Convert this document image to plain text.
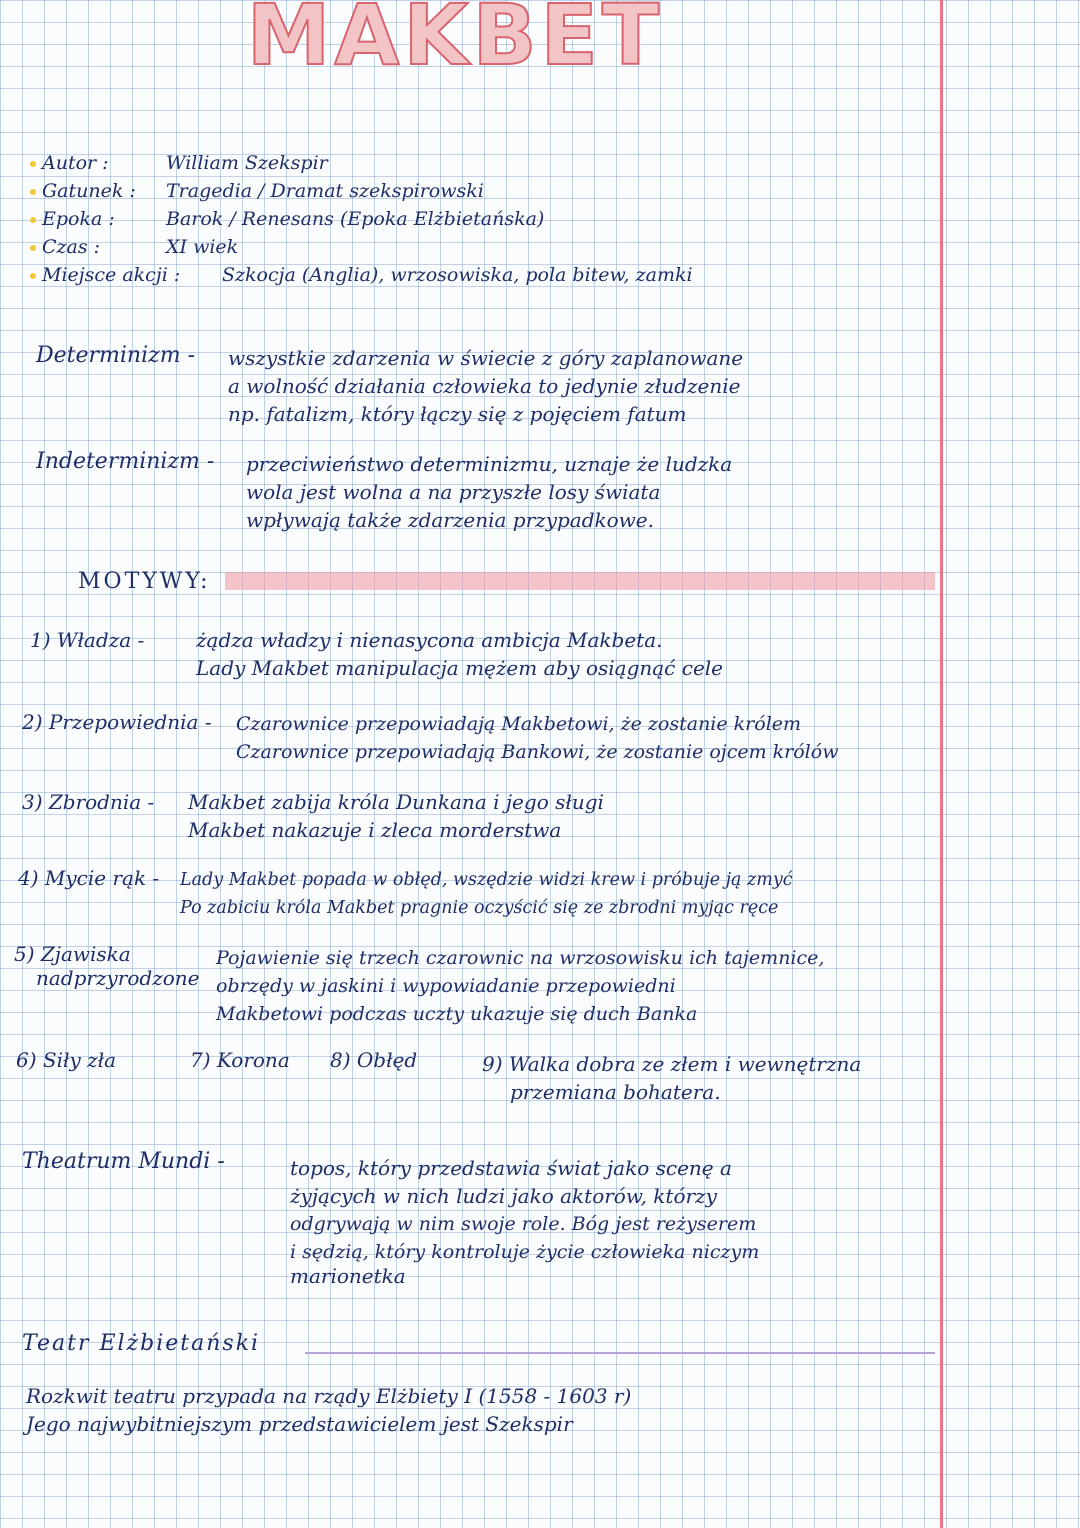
MAKBET
Autor :	William Szekspir
Gatunek : Tragedia / Dramat szekspirowski
Epoka :	Barok / Renesans (Epoka Elżbietańska)
Czas :	XI wiek
Miejsce akcji : Szkocja (Anglia), wrzosowiska, pola bitew, zamki
Determinizm - wszystkie zdarzenia w świecie z góry zaplanowane
a wolność działania człowieka to jedynie złudzenie
np. fatalizm, który łączy się z pojęciem fatum
Indeterminizm - przeciwieństwo determinizmu, uznaje że ludzka
wola jest wolna a na przyszłe losy świata
wpływają także zdarzenia przypadkowe.
MOTYWY:
1) Władza -	żądza władzy i nienasycona ambicja Makbeta.
Lady Makbet manipulacja mężem aby osiągnąć cele
2) Przepowiednia - Czarownice przepowiadają Makbetowi, że zostanie królem
Czarownice przepowiadają Bankowi, że zostanie ojcem królów
3) Zbrodnia - Makbet zabija króla Dunkana i jego sługi
Makbet nakazuje i zleca morderstwa
4) Mycie rąk - Lady Makbet popada w obłęd, wszędzie widzi krew i próbuje ją zmyć
Po zabiciu króla Makbet pragnie oczyścić się ze zbrodni myjąc ręce
5) Zjawiska
nadprzyrodzone
Pojawienie się trzech czarownic na wrzosowisku ich tajemnice,
obrzędy w jaskini i wypowiadanie przepowiedni
Makbetowi podczas uczty ukazuje się duch Banka
6) Siły zła	7) Korona 8) Obłęd	9) Walka dobra ze złem i wewnętrzna
przemiana bohatera.
Theatrum Mundi -	topos, który przedstawia świat jako scenę a
żyjących w nich ludzi jako aktorów, którzy
odgrywają w nim swoje role. Bóg jest reżyserem
i sędzią, który kontroluje życie człowieka niczym
marionetka
Teatr Elżbietański
Rozkwit teatru przypada na rządy Elżbiety I (1558 - 1603 r)
Jego najwybitniejszym przedstawicielem jest Szekspir
